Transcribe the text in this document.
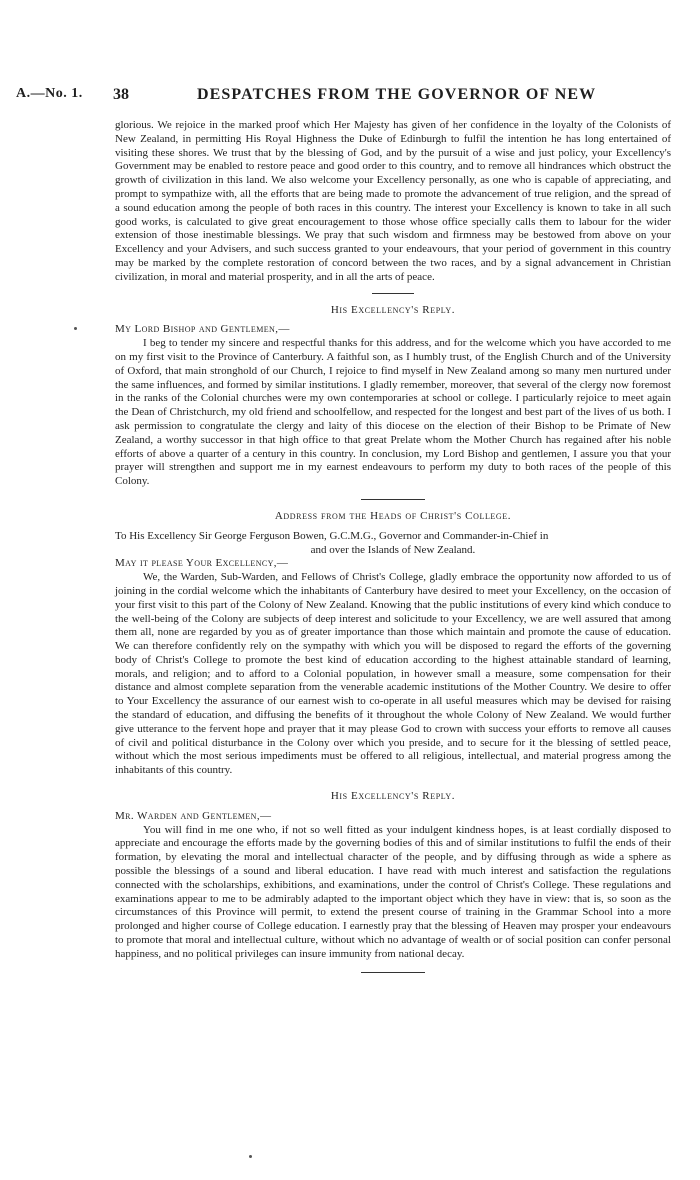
A.—No. 1. 38	DESPATCHES FROM THE GOVERNOR OF NEW

glorious. We rejoice in the marked proof which Her Majesty has given of her confidence in the loyalty of the Colonists of New Zealand, in permitting His Royal Highness the Duke of Edinburgh to fulfil the intention he has long entertained of visiting these shores. We trust that by the blessing of God, and by the pursuit of a wise and just policy, your Excellency's Government may be enabled to restore peace and good order to this country, and to remove all hindrances which obstruct the growth of civilization in this land. We also welcome your Excellency personally, as one who is capable of appreciating, and prompt to sympathize with, all the efforts that are being made to promote the advancement of true religion, and the spread of a sound education among the people of both races in this country. The interest your Excellency is known to take in all such good works, is calculated to give great encouragement to those whose office specially calls them to labour for the wider extension of those inestimable blessings. We pray that such wisdom and firmness may be bestowed from above on your Excellency and your Advisers, and such success granted to your endeavours, that your period of government in this country may be marked by the complete restoration of concord between the two races, and by a signal advancement in Christian civilization, in moral and material prosperity, and in all the arts of peace.

His Excellency's Reply.

My Lord Bishop and Gentlemen,—

I beg to tender my sincere and respectful thanks for this address, and for the welcome which you have accorded to me on my first visit to the Province of Canterbury. A faithful son, as I humbly trust, of the English Church and of the University of Oxford, that main stronghold of our Church, I rejoice to find myself in New Zealand among so many men nurtured under the same influences, and formed by similar institutions. I gladly remember, moreover, that several of the clergy now foremost in the ranks of the Colonial churches were my own contemporaries at school or college. I particularly rejoice to meet again the Dean of Christchurch, my old friend and schoolfellow, and respected for the longest and best part of the lives of us both. I ask permission to congratulate the clergy and laity of this diocese on the election of their Bishop to be Primate of New Zealand, a worthy successor in that high office to that great Prelate whom the Mother Church has regained after his noble efforts of above a quarter of a century in this country. In conclusion, my Lord Bishop and gentlemen, I assure you that your prayer will strengthen and support me in my earnest endeavours to perform my duty to both races of the people of this Colony.

Address from the Heads of Christ's College.

To His Excellency Sir George Ferguson Bowen, G.C.M.G., Governor and Commander-in-Chief in
and over the Islands of New Zealand.

May it please Your Excellency,—

We, the Warden, Sub-Warden, and Fellows of Christ's College, gladly embrace the opportunity now afforded to us of joining in the cordial welcome which the inhabitants of Canterbury have desired to meet your Excellency, on the occasion of your first visit to this part of the Colony of New Zealand. Knowing that the public institutions of every kind which conduce to the well-being of the Colony are subjects of deep interest and solicitude to your Excellency, we are well assured that among them all, none are regarded by you as of greater importance than those which maintain and promote the cause of education. We can therefore confidently rely on the sympathy with which you will be disposed to regard the efforts of the governing body of Christ's College to promote the best kind of education according to the highest attainable standard of learning, morals, and religion; and to afford to a Colonial population, in however small a measure, some compensation for their distance and almost complete separation from the venerable academic institutions of the Mother Country. We desire to offer to Your Excellency the assurance of our earnest wish to co-operate in all useful measures which may be devised for raising the standard of education, and diffusing the benefits of it throughout the whole Colony of New Zealand. We would further give utterance to the fervent hope and prayer that it may please God to crown with success your efforts to remove all causes of civil and political disturbance in the Colony over which you preside, and to secure for it the blessing of settled peace, without which the most serious impediments must be offered to all religious, intellectual, and material progress among the inhabitants of this country.

His Excellency's Reply.

Mr. Warden and Gentlemen,—

You will find in me one who, if not so well fitted as your indulgent kindness hopes, is at least cordially disposed to appreciate and encourage the efforts made by the governing bodies of this and of similar institutions to fulfil the ends of their formation, by elevating the moral and intellectual character of the people, and by diffusing through as wide a sphere as possible the blessings of a sound and liberal education. I have read with much interest and satisfaction the regulations connected with the scholarships, exhibitions, and examinations, under the control of Christ's College. These regulations and examinations appear to me to be admirably adapted to the important object which they have in view: that is, so soon as the circumstances of this Province will permit, to extend the present course of training in the Grammar School into a more prolonged and higher course of College education. I earnestly pray that the blessing of Heaven may prosper your endeavours to promote that moral and intellectual culture, without which no advantage of wealth or of social position can confer personal happiness, and no political privileges can insure immunity from national decay.
